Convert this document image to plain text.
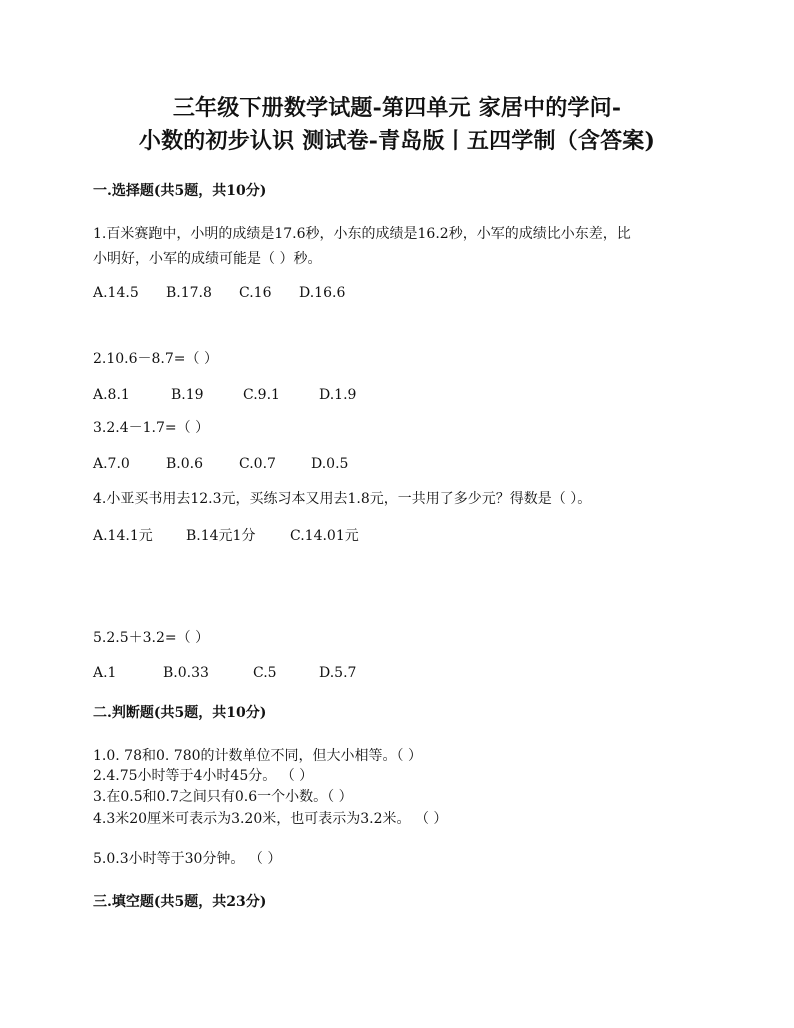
三年级下册数学试题-第四单元 家居中的学问-
小数的初步认识 测试卷-青岛版丨五四学制（含答案)
一.选择题(共5题，共10分)
1.百米赛跑中，小明的成绩是17.6秒，小东的成绩是16.2秒，小军的成绩比小东差，比
小明好，小军的成绩可能是（ ）秒。
A.14.5 B.17.8 C.16 D.16.6
2.10.6－8.7=（ ）
A.8.1	B.19	C.9.1	D.1.9
3.2.4－1.7=（ ）
A.7.0	B.0.6	C.0.7	D.0.5
4.小亚买书用去12.3元，买练习本又用去1.8元，一共用了多少元？得数是（ ）。
A.14.1元 B.14元1分 C.14.01元
5.2.5＋3.2=（ ）
A.1	B.0.33	C.5	D.5.7
二.判断题(共5题，共10分)
1.0. 78和0. 780的计数单位不同，但大小相等。（ ）
2.4.75小时等于4小时45分。 （ ）
3.在0.5和0.7之间只有0.6一个小数。（ ）
4.3米20厘米可表示为3.20米，也可表示为3.2米。 （ ）
5.0.3小时等于30分钟。 （ ）
三.填空题(共5题，共23分)
